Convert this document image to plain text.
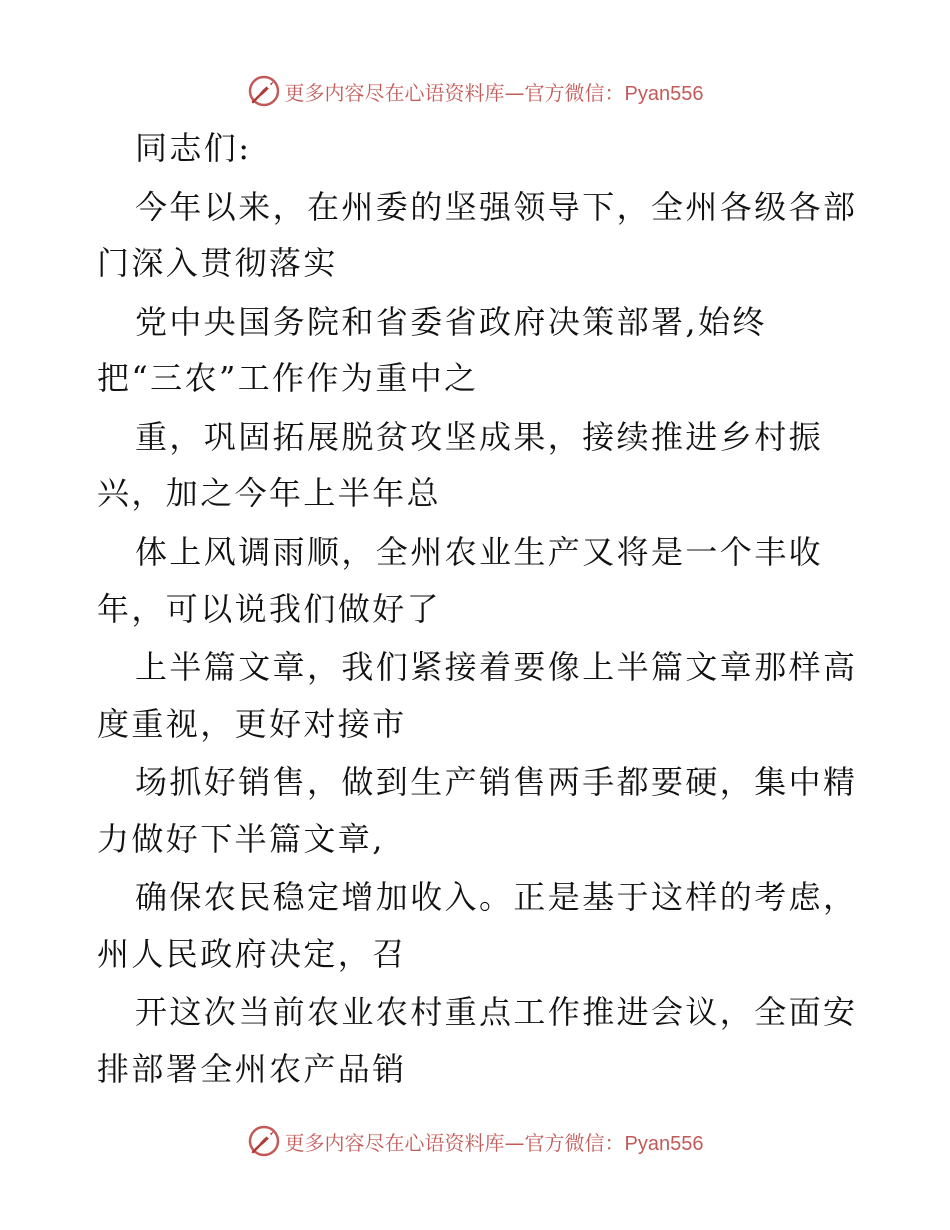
更多内容尽在心语资料库—官方微信：Pyan556
同志们:
今年以来，在州委的坚强领导下，全州各级各部
门深入贯彻落实
党中央国务院和省委省政府决策部署,始终
把“三农”工作作为重中之
重，巩固拓展脱贫攻坚成果，接续推进乡村振
兴，加之今年上半年总
体上风调雨顺，全州农业生产又将是一个丰收
年，可以说我们做好了
上半篇文章，我们紧接着要像上半篇文章那样高
度重视，更好对接市
场抓好销售，做到生产销售两手都要硬，集中精
力做好下半篇文章,
确保农民稳定增加收入。正是基于这样的考虑，
州人民政府决定，召
开这次当前农业农村重点工作推进会议，全面安
排部署全州农产品销
更多内容尽在心语资料库—官方微信：Pyan556
